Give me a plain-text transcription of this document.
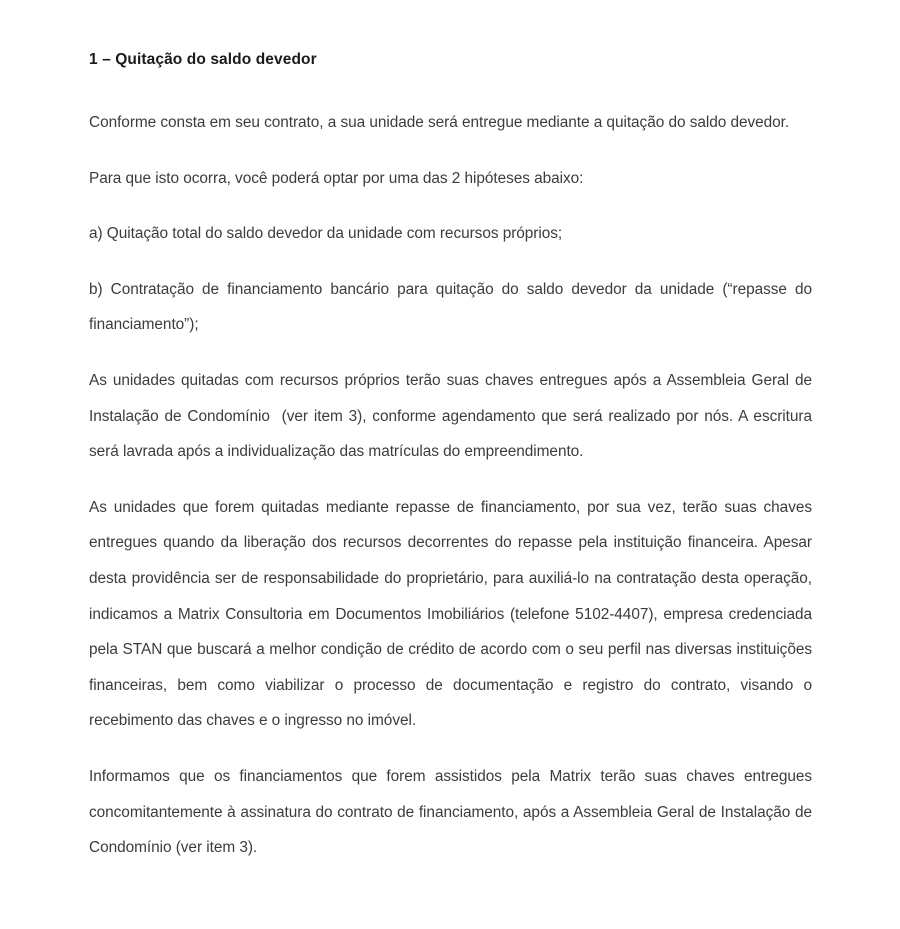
1 – Quitação do saldo devedor

Conforme consta em seu contrato, a sua unidade será entregue mediante a quitação do saldo devedor.

Para que isto ocorra, você poderá optar por uma das 2 hipóteses abaixo:

a) Quitação total do saldo devedor da unidade com recursos próprios;

b) Contratação de financiamento bancário para quitação do saldo devedor da unidade (“repasse do financiamento”);

As unidades quitadas com recursos próprios terão suas chaves entregues após a Assembleia Geral de Instalação de Condomínio  (ver item 3), conforme agendamento que será realizado por nós. A escritura será lavrada após a individualização das matrículas do empreendimento.

As unidades que forem quitadas mediante repasse de financiamento, por sua vez, terão suas chaves entregues quando da liberação dos recursos decorrentes do repasse pela instituição financeira. Apesar desta providência ser de responsabilidade do proprietário, para auxiliá-lo na contratação desta operação, indicamos a Matrix Consultoria em Documentos Imobiliários (telefone 5102-4407), empresa credenciada pela STAN que buscará a melhor condição de crédito de acordo com o seu perfil nas diversas instituições financeiras, bem como viabilizar o processo de documentação e registro do contrato, visando o recebimento das chaves e o ingresso no imóvel.

Informamos que os financiamentos que forem assistidos pela Matrix terão suas chaves entregues concomitantemente à assinatura do contrato de financiamento, após a Assembleia Geral de Instalação de Condomínio (ver item 3).
